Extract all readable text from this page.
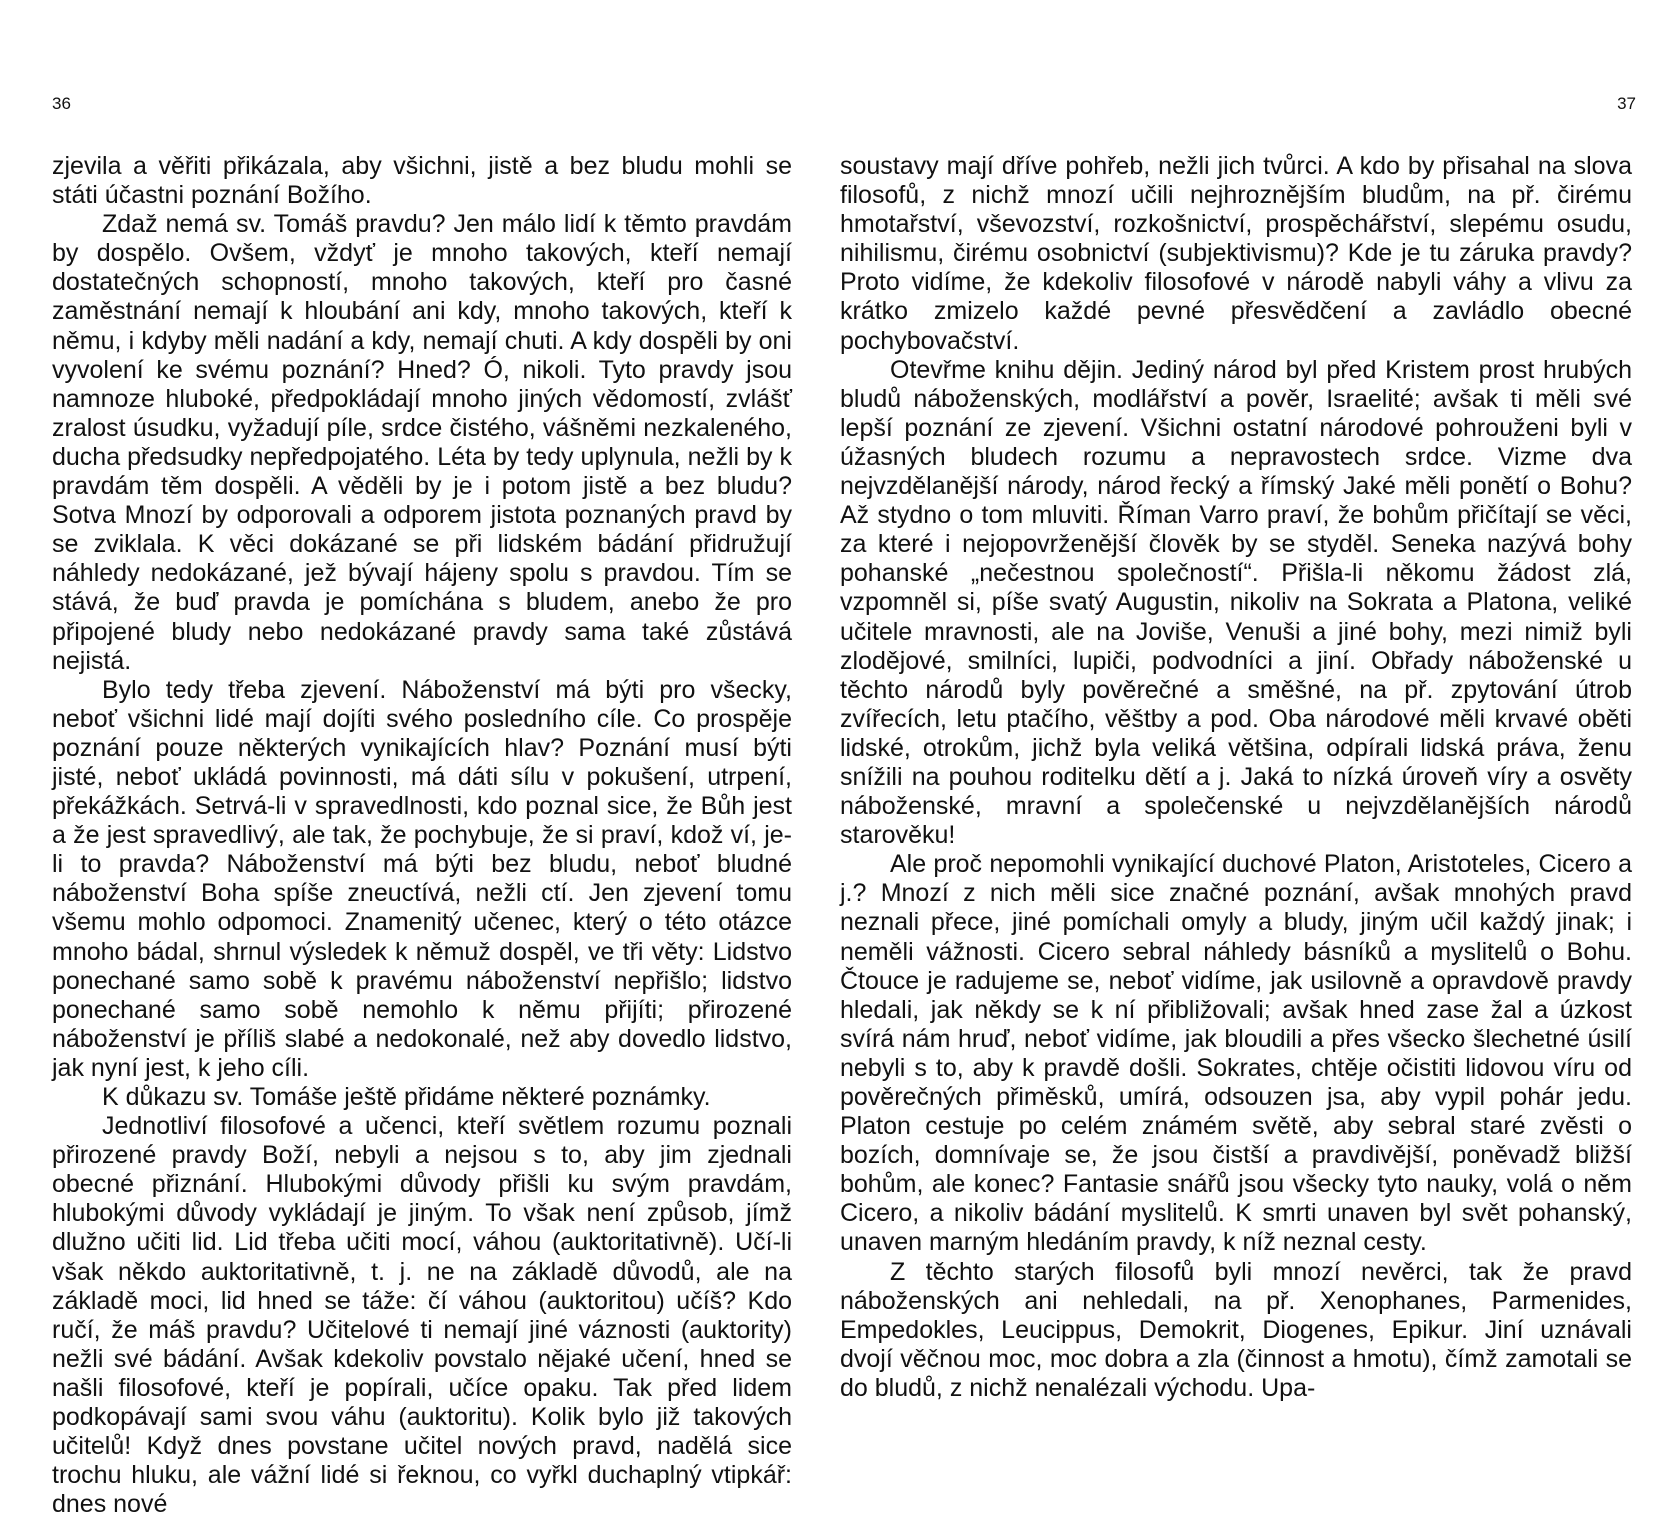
36

zjevila a věřiti přikázala, aby všichni, jistě a bez bludu mohli se státi účastni poznání Božího.

Zdaž nemá sv. Tomáš pravdu? Jen málo lidí k těmto pravdám by dospělo. Ovšem, vždyť je mnoho takových, kteří nemají dostatečných schopností, mnoho takových, kteří pro časné zaměstnání nemají k hloubání ani kdy, mnoho takových, kteří k němu, i kdyby měli nadání a kdy, nemají chuti. A kdy dospěli by oni vyvolení ke svému poznání? Hned? Ó, nikoli. Tyto pravdy jsou namnoze hluboké, předpokládají mnoho jiných vědomostí, zvlášť zralost úsudku, vyžadují píle, srdce čistého, vášněmi nezkaleného, ducha předsudky nepředpojatého. Léta by tedy uplynula, nežli by k pravdám těm dospěli. A věděli by je i potom jistě a bez bludu? Sotva Mnozí by odporovali a odporem jistota poznaných pravd by se zviklala. K věci dokázané se při lidském bádání přidružují náhledy nedokázané, jež bývají hájeny spolu s pravdou. Tím se stává, že buď pravda je pomíchána s bludem, anebo že pro připojené bludy nebo nedokázané pravdy sama také zůstává nejistá.

Bylo tedy třeba zjevení. Náboženství má býti pro všecky, neboť všichni lidé mají dojíti svého posledního cíle. Co prospěje poznání pouze některých vynikajících hlav? Poznání musí býti jisté, neboť ukládá povinnosti, má dáti sílu v pokušení, utrpení, překážkách. Setrvá-li v spravedlnosti, kdo poznal sice, že Bůh jest a že jest spravedlivý, ale tak, že pochybuje, že si praví, kdož ví, je-li to pravda? Náboženství má býti bez bludu, neboť bludné náboženství Boha spíše zneuctívá, nežli ctí. Jen zjevení tomu všemu mohlo odpomoci. Znamenitý učenec, který o této otázce mnoho bádal, shrnul výsledek k němuž dospěl, ve tři věty: Lidstvo ponechané samo sobě k pravému náboženství nepřišlo; lidstvo ponechané samo sobě nemohlo k němu přijíti; přirozené náboženství je příliš slabé a nedokonalé, než aby dovedlo lidstvo, jak nyní jest, k jeho cíli.

K důkazu sv. Tomáše ještě přidáme některé poznámky.

Jednotliví filosofové a učenci, kteří světlem rozumu poznali přirozené pravdy Boží, nebyli a nejsou s to, aby jim zjednali obecné přiznání. Hlubokými důvody přišli ku svým pravdám, hlubokými důvody vykládají je jiným. To však není způsob, jímž dlužno učiti lid. Lid třeba učiti mocí, váhou (auktoritativně). Učí-li však někdo auktoritativně, t. j. ne na základě důvodů, ale na základě moci, lid hned se táže: čí váhou (auktoritou) učíš? Kdo ručí, že máš pravdu? Učitelové ti nemají jiné váznosti (auktority) nežli své bádání. Avšak kdekoliv povstalo nějaké učení, hned se našli filosofové, kteří je popírali, učíce opaku. Tak před lidem podkopávají sami svou váhu (auktoritu). Kolik bylo již takových učitelů! Když dnes povstane učitel nových pravd, nadělá sice trochu hluku, ale vážní lidé si řeknou, co vyřkl duchaplný vtipkář: dnes nové

37

soustavy mají dříve pohřeb, nežli jich tvůrci. A kdo by přisahal na slova filosofů, z nichž mnozí učili nejhroznějším bludům, na př. čirému hmotařství, vševozství, rozkošnictví, prospěchářství, slepému osudu, nihilismu, čirému osobnictví (subjektivismu)? Kde je tu záruka pravdy? Proto vidíme, že kdekoliv filosofové v národě nabyli váhy a vlivu za krátko zmizelo každé pevné přesvědčení a zavládlo obecné pochybovačství.

Otevřme knihu dějin. Jediný národ byl před Kristem prost hrubých bludů náboženských, modlářství a pověr, Israelité; avšak ti měli své lepší poznání ze zjevení. Všichni ostatní národové pohrouženi byli v úžasných bludech rozumu a nepravostech srdce. Vizme dva nejvzdělanější národy, národ řecký a římský Jaké měli ponětí o Bohu? Až stydno o tom mluviti. Říman Varro praví, že bohům přičítají se věci, za které i nejopovrženější člověk by se styděl. Seneka nazývá bohy pohanské „nečestnou společností“. Přišla-li někomu žádost zlá, vzpomněl si, píše svatý Augustin, nikoliv na Sokrata a Platona, veliké učitele mravnosti, ale na Joviše, Venuši a jiné bohy, mezi nimiž byli zlodějové, smilníci, lupiči, podvodníci a jiní. Obřady náboženské u těchto národů byly pověrečné a směšné, na př. zpytování útrob zvířecích, letu ptačího, věštby a pod. Oba národové měli krvavé oběti lidské, otrokům, jichž byla veliká většina, odpírali lidská práva, ženu snížili na pouhou roditelku dětí a j. Jaká to nízká úroveň víry a osvěty náboženské, mravní a společenské u nejvzdělanějších národů starověku!

Ale proč nepomohli vynikající duchové Platon, Aristoteles, Cicero a j.? Mnozí z nich měli sice značné poznání, avšak mnohých pravd neznali přece, jiné pomíchali omyly a bludy, jiným učil každý jinak; i neměli vážnosti. Cicero sebral náhledy básníků a myslitelů o Bohu. Čtouce je radujeme se, neboť vidíme, jak usilovně a opravdově pravdy hledali, jak někdy se k ní přibližovali; avšak hned zase žal a úzkost svírá nám hruď, neboť vidíme, jak bloudili a přes všecko šlechetné úsilí nebyli s to, aby k pravdě došli. Sokrates, chtěje očistiti lidovou víru od pověrečných přiměsků, umírá, odsouzen jsa, aby vypil pohár jedu. Platon cestuje po celém známém světě, aby sebral staré zvěsti o bozích, domnívaje se, že jsou čistší a pravdivější, poněvadž bližší bohům, ale konec? Fantasie snářů jsou všecky tyto nauky, volá o něm Cicero, a nikoliv bádání myslitelů. K smrti unaven byl svět pohanský, unaven marným hledáním pravdy, k níž neznal cesty.

Z těchto starých filosofů byli mnozí nevěrci, tak že pravd náboženských ani nehledali, na př. Xenophanes, Parmenides, Empedokles, Leucippus, Demokrit, Diogenes, Epikur. Jiní uznávali dvojí věčnou moc, moc dobra a zla (činnost a hmotu), čímž zamotali se do bludů, z nichž nenalézali východu. Upa-
